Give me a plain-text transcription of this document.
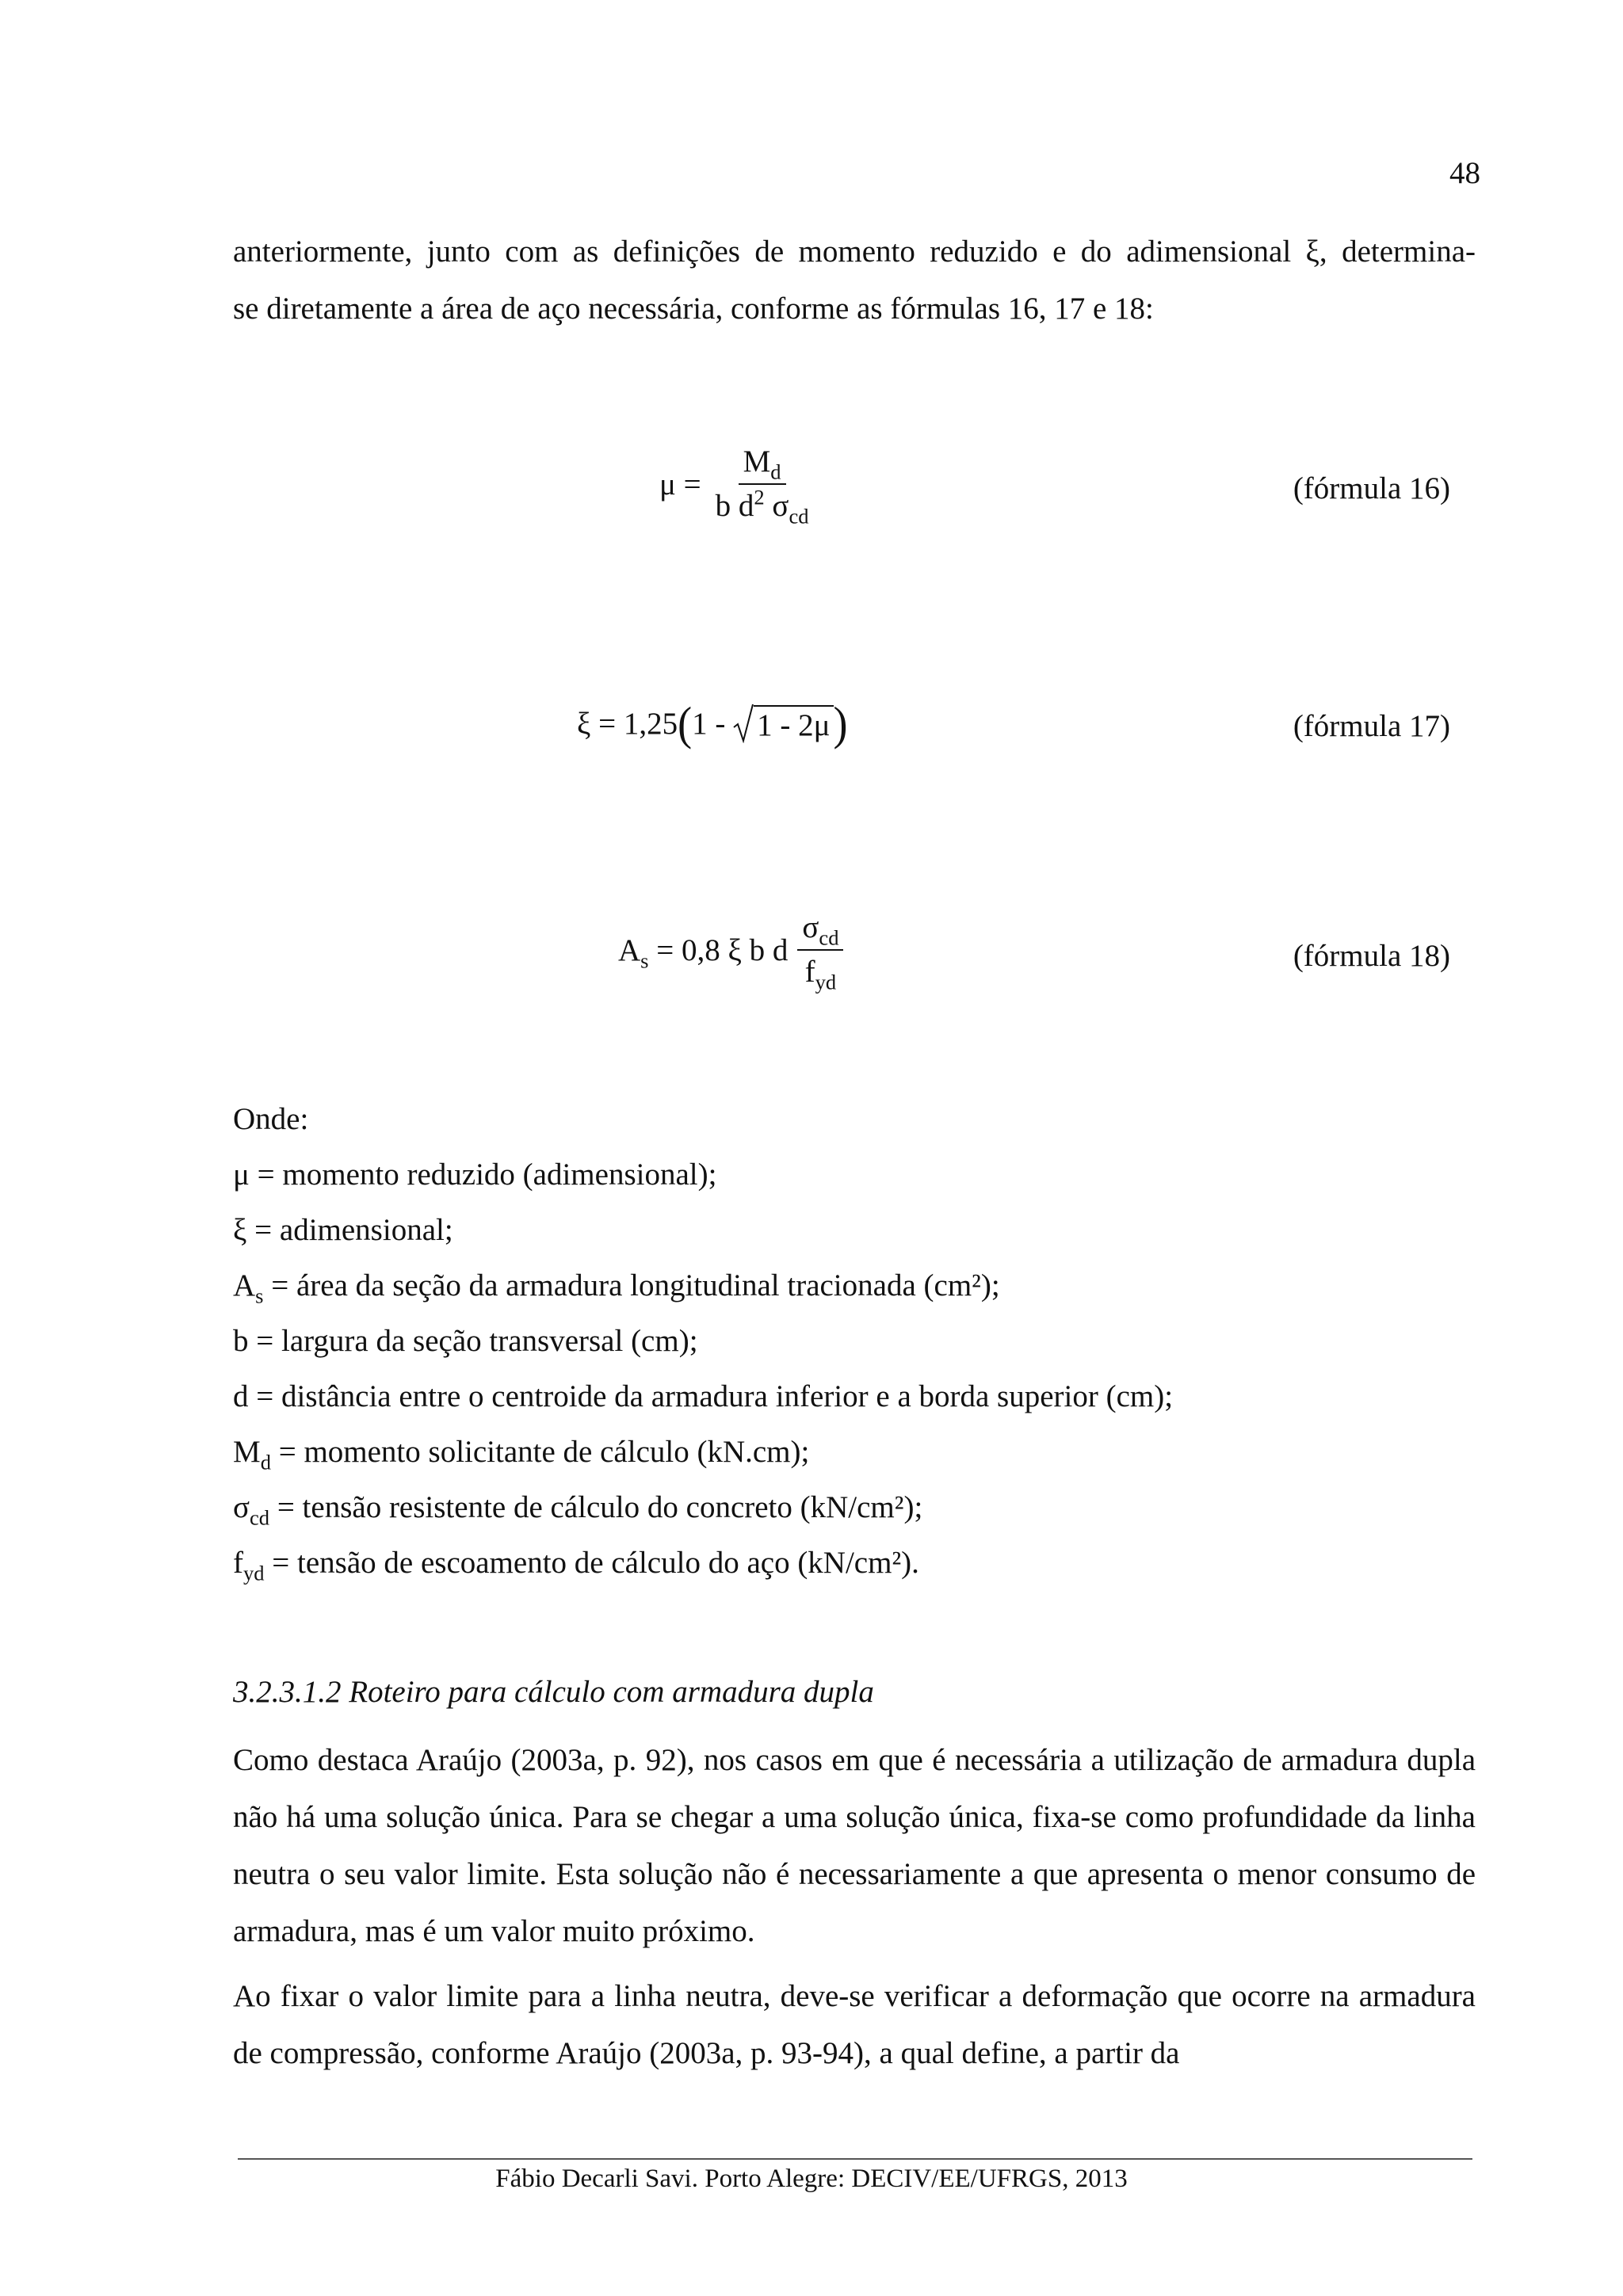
48
anteriormente, junto com as definições de momento reduzido e do adimensional ξ, determina-
se diretamente a área de aço necessária, conforme as fórmulas 16, 17 e 18:
$\mu = \frac{M_d}{b d^2 \sigma_{cd}}$	(fórmula 16)
ξ = 1,25 ( 1 - 1 - 2μ )	(fórmula 17)
$A_s = 0,8$ ξ b d $\frac{\sigma_{cd}}{f_{yd}}$	(fórmula 18)
Onde:
μ = momento reduzido (adimensional);
ξ = adimensional;
$A_s$ = área da seção da armadura longitudinal tracionada (cm²);
b = largura da seção transversal (cm);
d = distância entre o centroide da armadura inferior e a borda superior (cm);
$M_d$ = momento solicitante de cálculo (kN.cm);
$\sigma_{cd}$ = tensão resistente de cálculo do concreto (kN/cm²);
$f_{yd}$ = tensão de escoamento de cálculo do aço (kN/cm²).
3.2.3.1.2 Roteiro para cálculo com armadura dupla
Como destaca Araújo (2003a, p. 92), nos casos em que é necessária a utilização de armadura dupla não há uma solução única. Para se chegar a uma solução única, fixa-se como profundidade da linha neutra o seu valor limite. Esta solução não é necessariamente a que apresenta o menor consumo de armadura, mas é um valor muito próximo.
Ao fixar o valor limite para a linha neutra, deve-se verificar a deformação que ocorre na armadura de compressão, conforme Araújo (2003a, p. 93-94), a qual define, a partir da
Fábio Decarli Savi. Porto Alegre: DECIV/EE/UFRGS, 2013
